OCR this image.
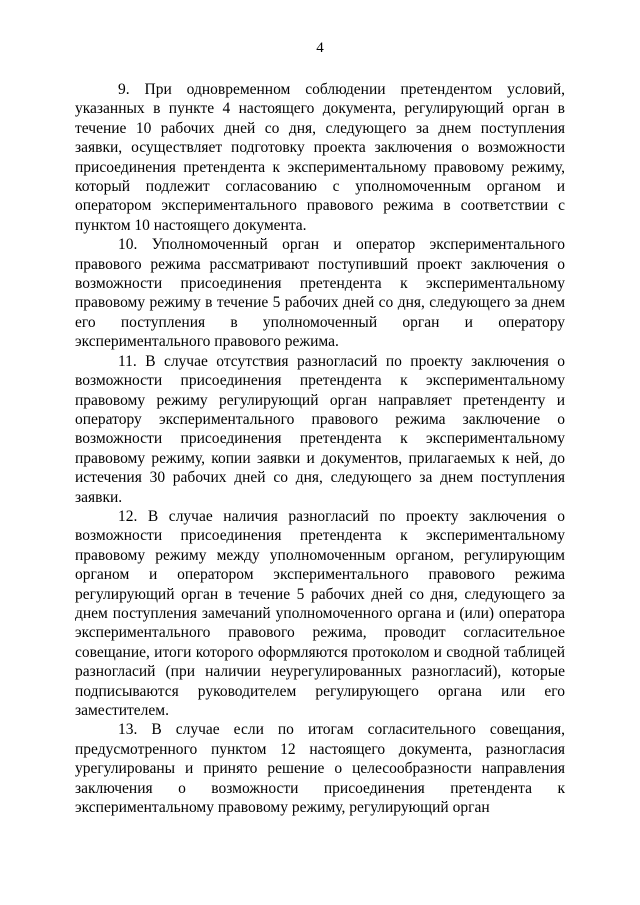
4

9. При одновременном соблюдении претендентом условий, указанных в пункте 4 настоящего документа, регулирующий орган в течение 10 рабочих дней со дня, следующего за днем поступления заявки, осуществляет подготовку проекта заключения о возможности присоединения претендента к экспериментальному правовому режиму, который подлежит согласованию с уполномоченным органом и оператором экспериментального правового режима в соответствии с пунктом 10 настоящего документа.

10. Уполномоченный орган и оператор экспериментального правового режима рассматривают поступивший проект заключения о возможности присоединения претендента к экспериментальному правовому режиму в течение 5 рабочих дней со дня, следующего за днем его поступления в уполномоченный орган и оператору экспериментального правового режима.

11. В случае отсутствия разногласий по проекту заключения о возможности присоединения претендента к экспериментальному правовому режиму регулирующий орган направляет претенденту и оператору экспериментального правового режима заключение о возможности присоединения претендента к экспериментальному правовому режиму, копии заявки и документов, прилагаемых к ней, до истечения 30 рабочих дней со дня, следующего за днем поступления заявки.

12. В случае наличия разногласий по проекту заключения о возможности присоединения претендента к экспериментальному правовому режиму между уполномоченным органом, регулирующим органом и оператором экспериментального правового режима регулирующий орган в течение 5 рабочих дней со дня, следующего за днем поступления замечаний уполномоченного органа и (или) оператора экспериментального правового режима, проводит согласительное совещание, итоги которого оформляются протоколом и сводной таблицей разногласий (при наличии неурегулированных разногласий), которые подписываются руководителем регулирующего органа или его заместителем.

13. В случае если по итогам согласительного совещания, предусмотренного пунктом 12 настоящего документа, разногласия урегулированы и принято решение о целесообразности направления заключения о возможности присоединения претендента к экспериментальному правовому режиму, регулирующий орган
